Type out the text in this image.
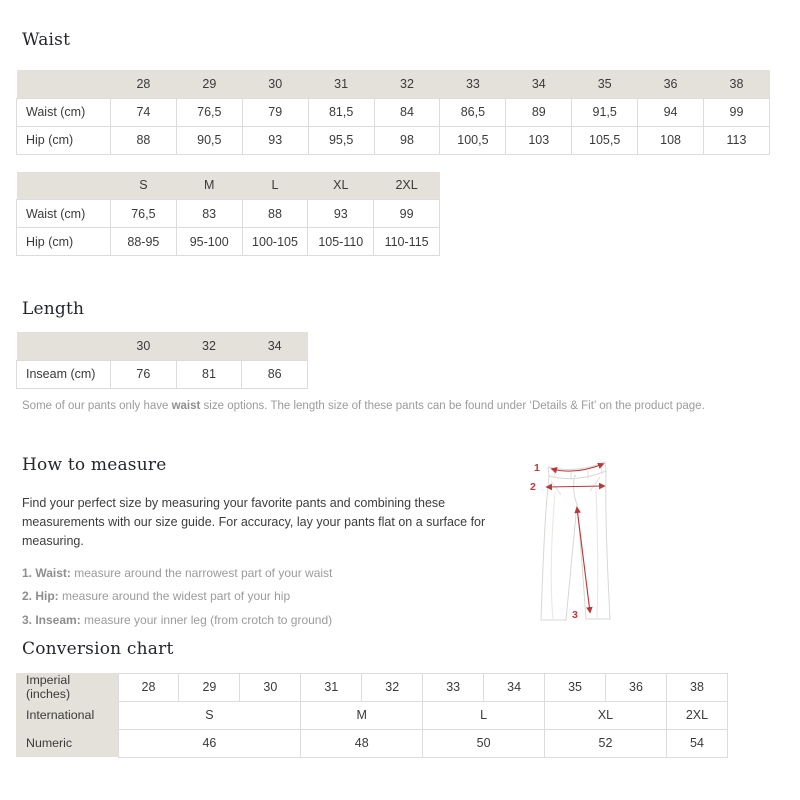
Waist
	28	29	30	31	32	33	34	35	36	38
Waist (cm)	74	76,5	79	81,5	84	86,5	89	91,5	94	99
Hip (cm)	88	90,5	93	95,5	98	100,5	103	105,5	108	113
	S	M	L	XL	2XL
Waist (cm)	76,5	83	88	93	99
Hip (cm)	88-95	95-100	100-105	105-110	110-115
Length
	30	32	34
Inseam (cm)	76	81	86

Some of our pants only have waist size options. The length size of these pants can be found under ‘Details & Fit’ on the product page.

How to measure

Find your perfect size by measuring your favorite pants and combining these measurements with our size guide. For accuracy, lay your pants flat on a surface for measuring.

1. Waist: measure around the narrowest part of your waist
2. Hip: measure around the widest part of your hip
3. Inseam: measure your inner leg (from crotch to ground)
1
2
3
Conversion chart
Imperial (inches)	28	29	30	31	32	33	34	35	36	38
International	S			M		L		XL		2XL
Numeric	46			48		50		52		54
